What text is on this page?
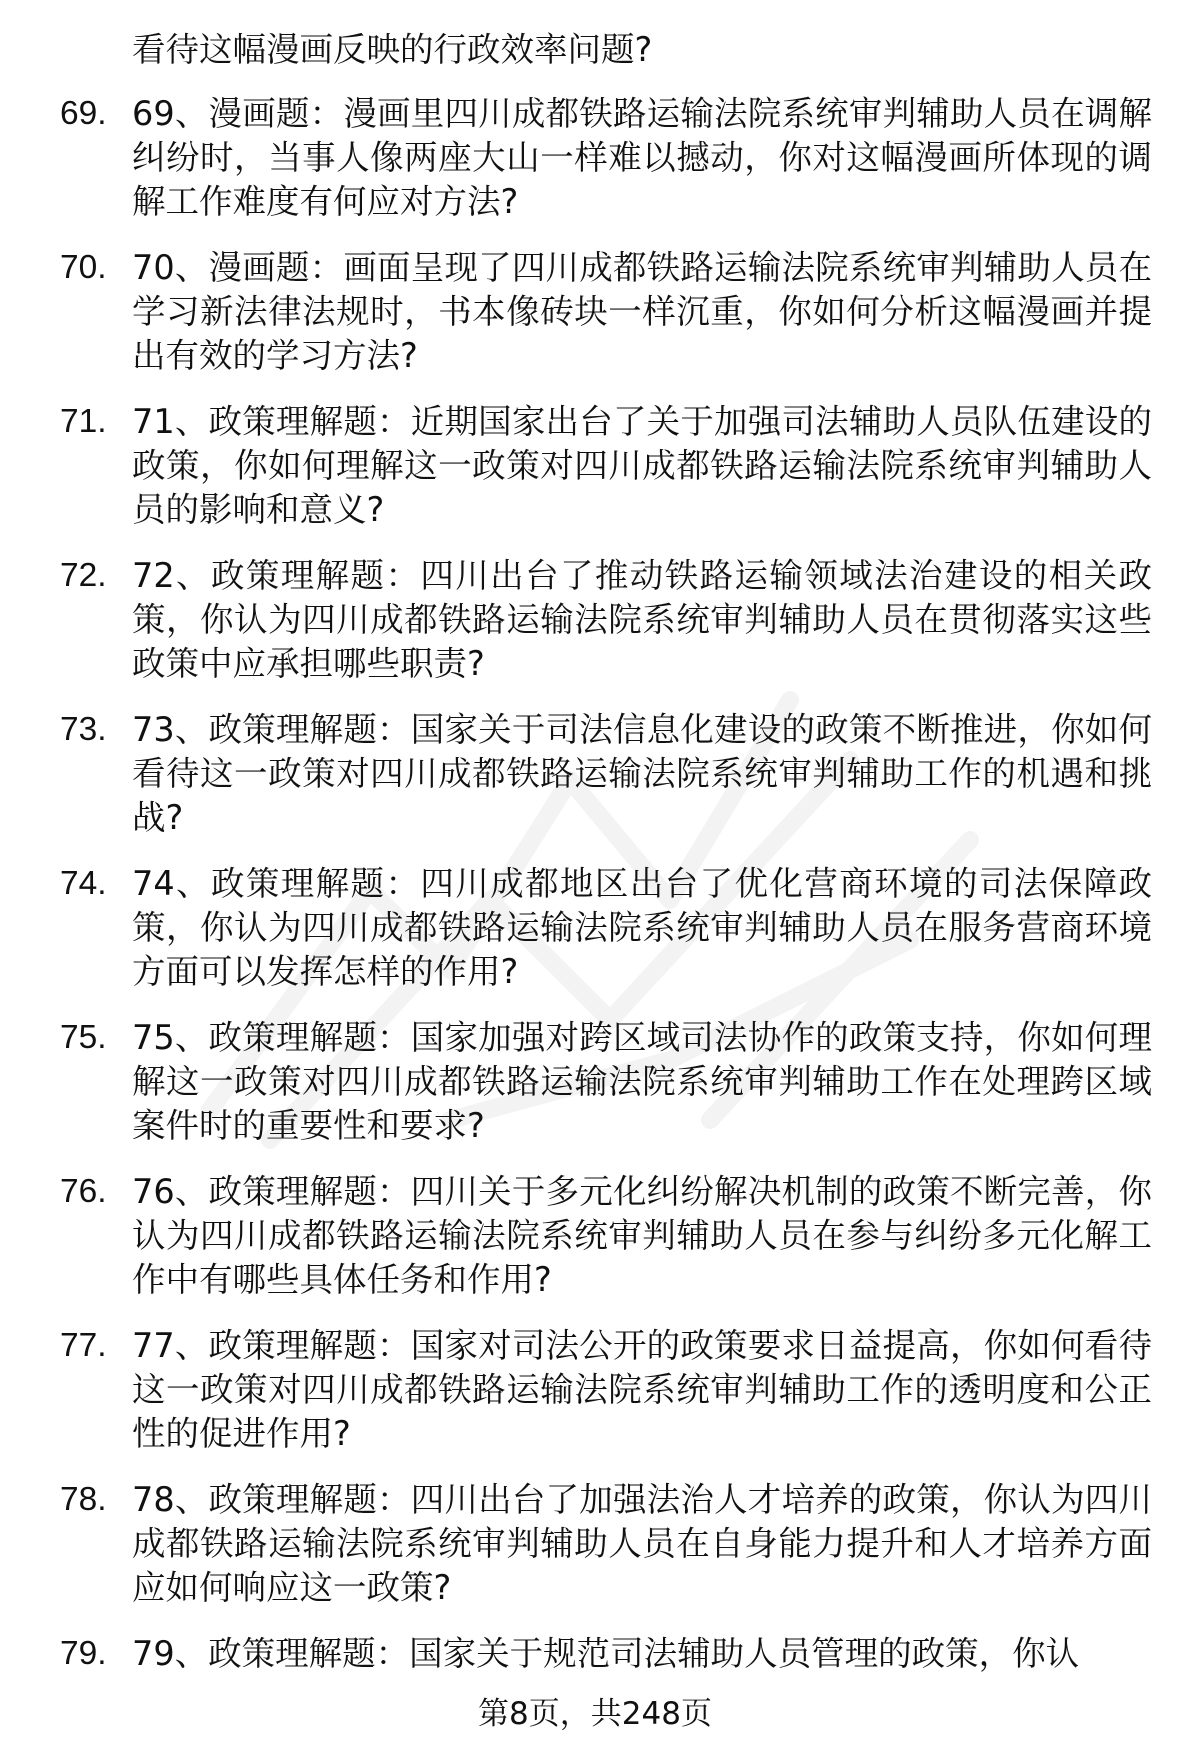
看待这幅漫画反映的行政效率问题?
69. 69、漫画题：漫画里四川成都铁路运输法院系统审判辅助人员在调解纠纷时，当事人像两座大山一样难以撼动，你对这幅漫画所体现的调解工作难度有何应对方法?
70. 70、漫画题：画面呈现了四川成都铁路运输法院系统审判辅助人员在学习新法律法规时，书本像砖块一样沉重，你如何分析这幅漫画并提出有效的学习方法?
71. 71、政策理解题：近期国家出台了关于加强司法辅助人员队伍建设的政策，你如何理解这一政策对四川成都铁路运输法院系统审判辅助人员的影响和意义?
72. 72、政策理解题：四川出台了推动铁路运输领域法治建设的相关政策，你认为四川成都铁路运输法院系统审判辅助人员在贯彻落实这些政策中应承担哪些职责?
73. 73、政策理解题：国家关于司法信息化建设的政策不断推进，你如何看待这一政策对四川成都铁路运输法院系统审判辅助工作的机遇和挑战?
74. 74、政策理解题：四川成都地区出台了优化营商环境的司法保障政策，你认为四川成都铁路运输法院系统审判辅助人员在服务营商环境方面可以发挥怎样的作用?
75. 75、政策理解题：国家加强对跨区域司法协作的政策支持，你如何理解这一政策对四川成都铁路运输法院系统审判辅助工作在处理跨区域案件时的重要性和要求?
76. 76、政策理解题：四川关于多元化纠纷解决机制的政策不断完善，你认为四川成都铁路运输法院系统审判辅助人员在参与纠纷多元化解工作中有哪些具体任务和作用?
77. 77、政策理解题：国家对司法公开的政策要求日益提高，你如何看待这一政策对四川成都铁路运输法院系统审判辅助工作的透明度和公正性的促进作用?
78. 78、政策理解题：四川出台了加强法治人才培养的政策，你认为四川成都铁路运输法院系统审判辅助人员在自身能力提升和人才培养方面应如何响应这一政策?
79. 79、政策理解题：国家关于规范司法辅助人员管理的政策，你认
第8页，共248页
